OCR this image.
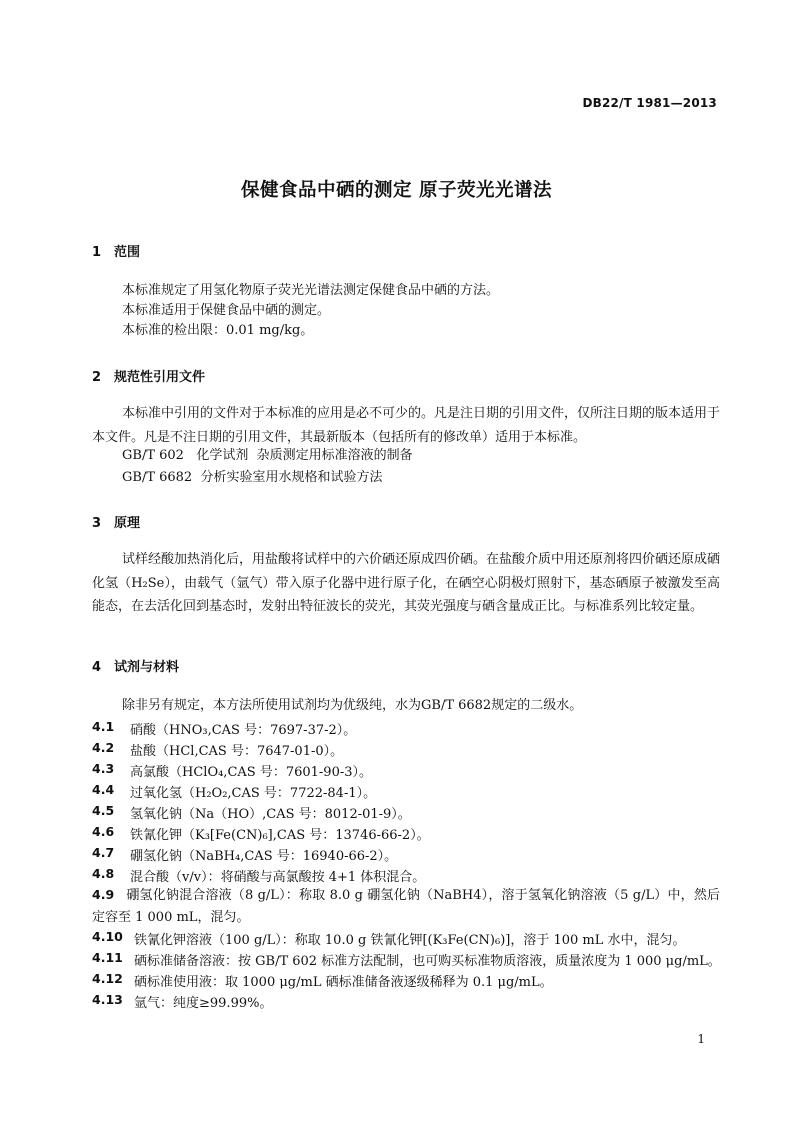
DB22/T 1981—2013
保健食品中硒的测定 原子荧光光谱法
1 范围
本标准规定了用氢化物原子荧光光谱法测定保健食品中硒的方法。
本标准适用于保健食品中硒的测定。
本标准的检出限：0.01 mg/kg。
2 规范性引用文件
本标准中引用的文件对于本标准的应用是必不可少的。凡是注日期的引用文件，仅所注日期的版本适用于本文件。凡是不注日期的引用文件，其最新版本（包括所有的修改单）适用于本标准。
GB/T 602   化学试剂  杂质测定用标准溶液的制备
GB/T 6682  分析实验室用水规格和试验方法
3 原理
试样经酸加热消化后，用盐酸将试样中的六价硒还原成四价硒。在盐酸介质中用还原剂将四价硒还原成硒化氢（H₂Se），由载气（氩气）带入原子化器中进行原子化，在硒空心阴极灯照射下，基态硒原子被激发至高能态，在去活化回到基态时，发射出特征波长的荧光，其荧光强度与硒含量成正比。与标准系列比较定量。
4 试剂与材料
除非另有规定，本方法所使用试剂均为优级纯，水为GB/T 6682规定的二级水。
4.1 硝酸（HNO₃,CAS 号：7697-37-2）。
4.2 盐酸（HCl,CAS 号：7647-01-0）。
4.3 高氯酸（HClO₄,CAS 号：7601-90-3）。
4.4 过氧化氢（H₂O₂,CAS 号：7722-84-1）。
4.5 氢氧化钠（Na（HO）,CAS 号：8012-01-9）。
4.6 铁氰化钾（K₃[Fe(CN)₆],CAS 号：13746-66-2）。
4.7 硼氢化钠（NaBH₄,CAS 号：16940-66-2）。
4.8 混合酸（v/v）：将硝酸与高氯酸按 4+1 体积混合。
4.9 硼氢化钠混合溶液（8 g/L）：称取 8.0 g 硼氢化钠（NaBH4），溶于氢氧化钠溶液（5 g/L）中，然后定容至 1 000 mL，混匀。
4.10 铁氰化钾溶液（100 g/L）：称取 10.0 g 铁氰化钾[(K₃Fe(CN)₆)]，溶于 100 mL 水中，混匀。
4.11 硒标准储备溶液：按 GB/T 602 标准方法配制，也可购买标准物质溶液，质量浓度为 1 000 μg/mL。
4.12 硒标准使用液：取 1000 μg/mL 硒标准储备液逐级稀释为 0.1 μg/mL。
4.13 氩气：纯度≥99.99%。
1
